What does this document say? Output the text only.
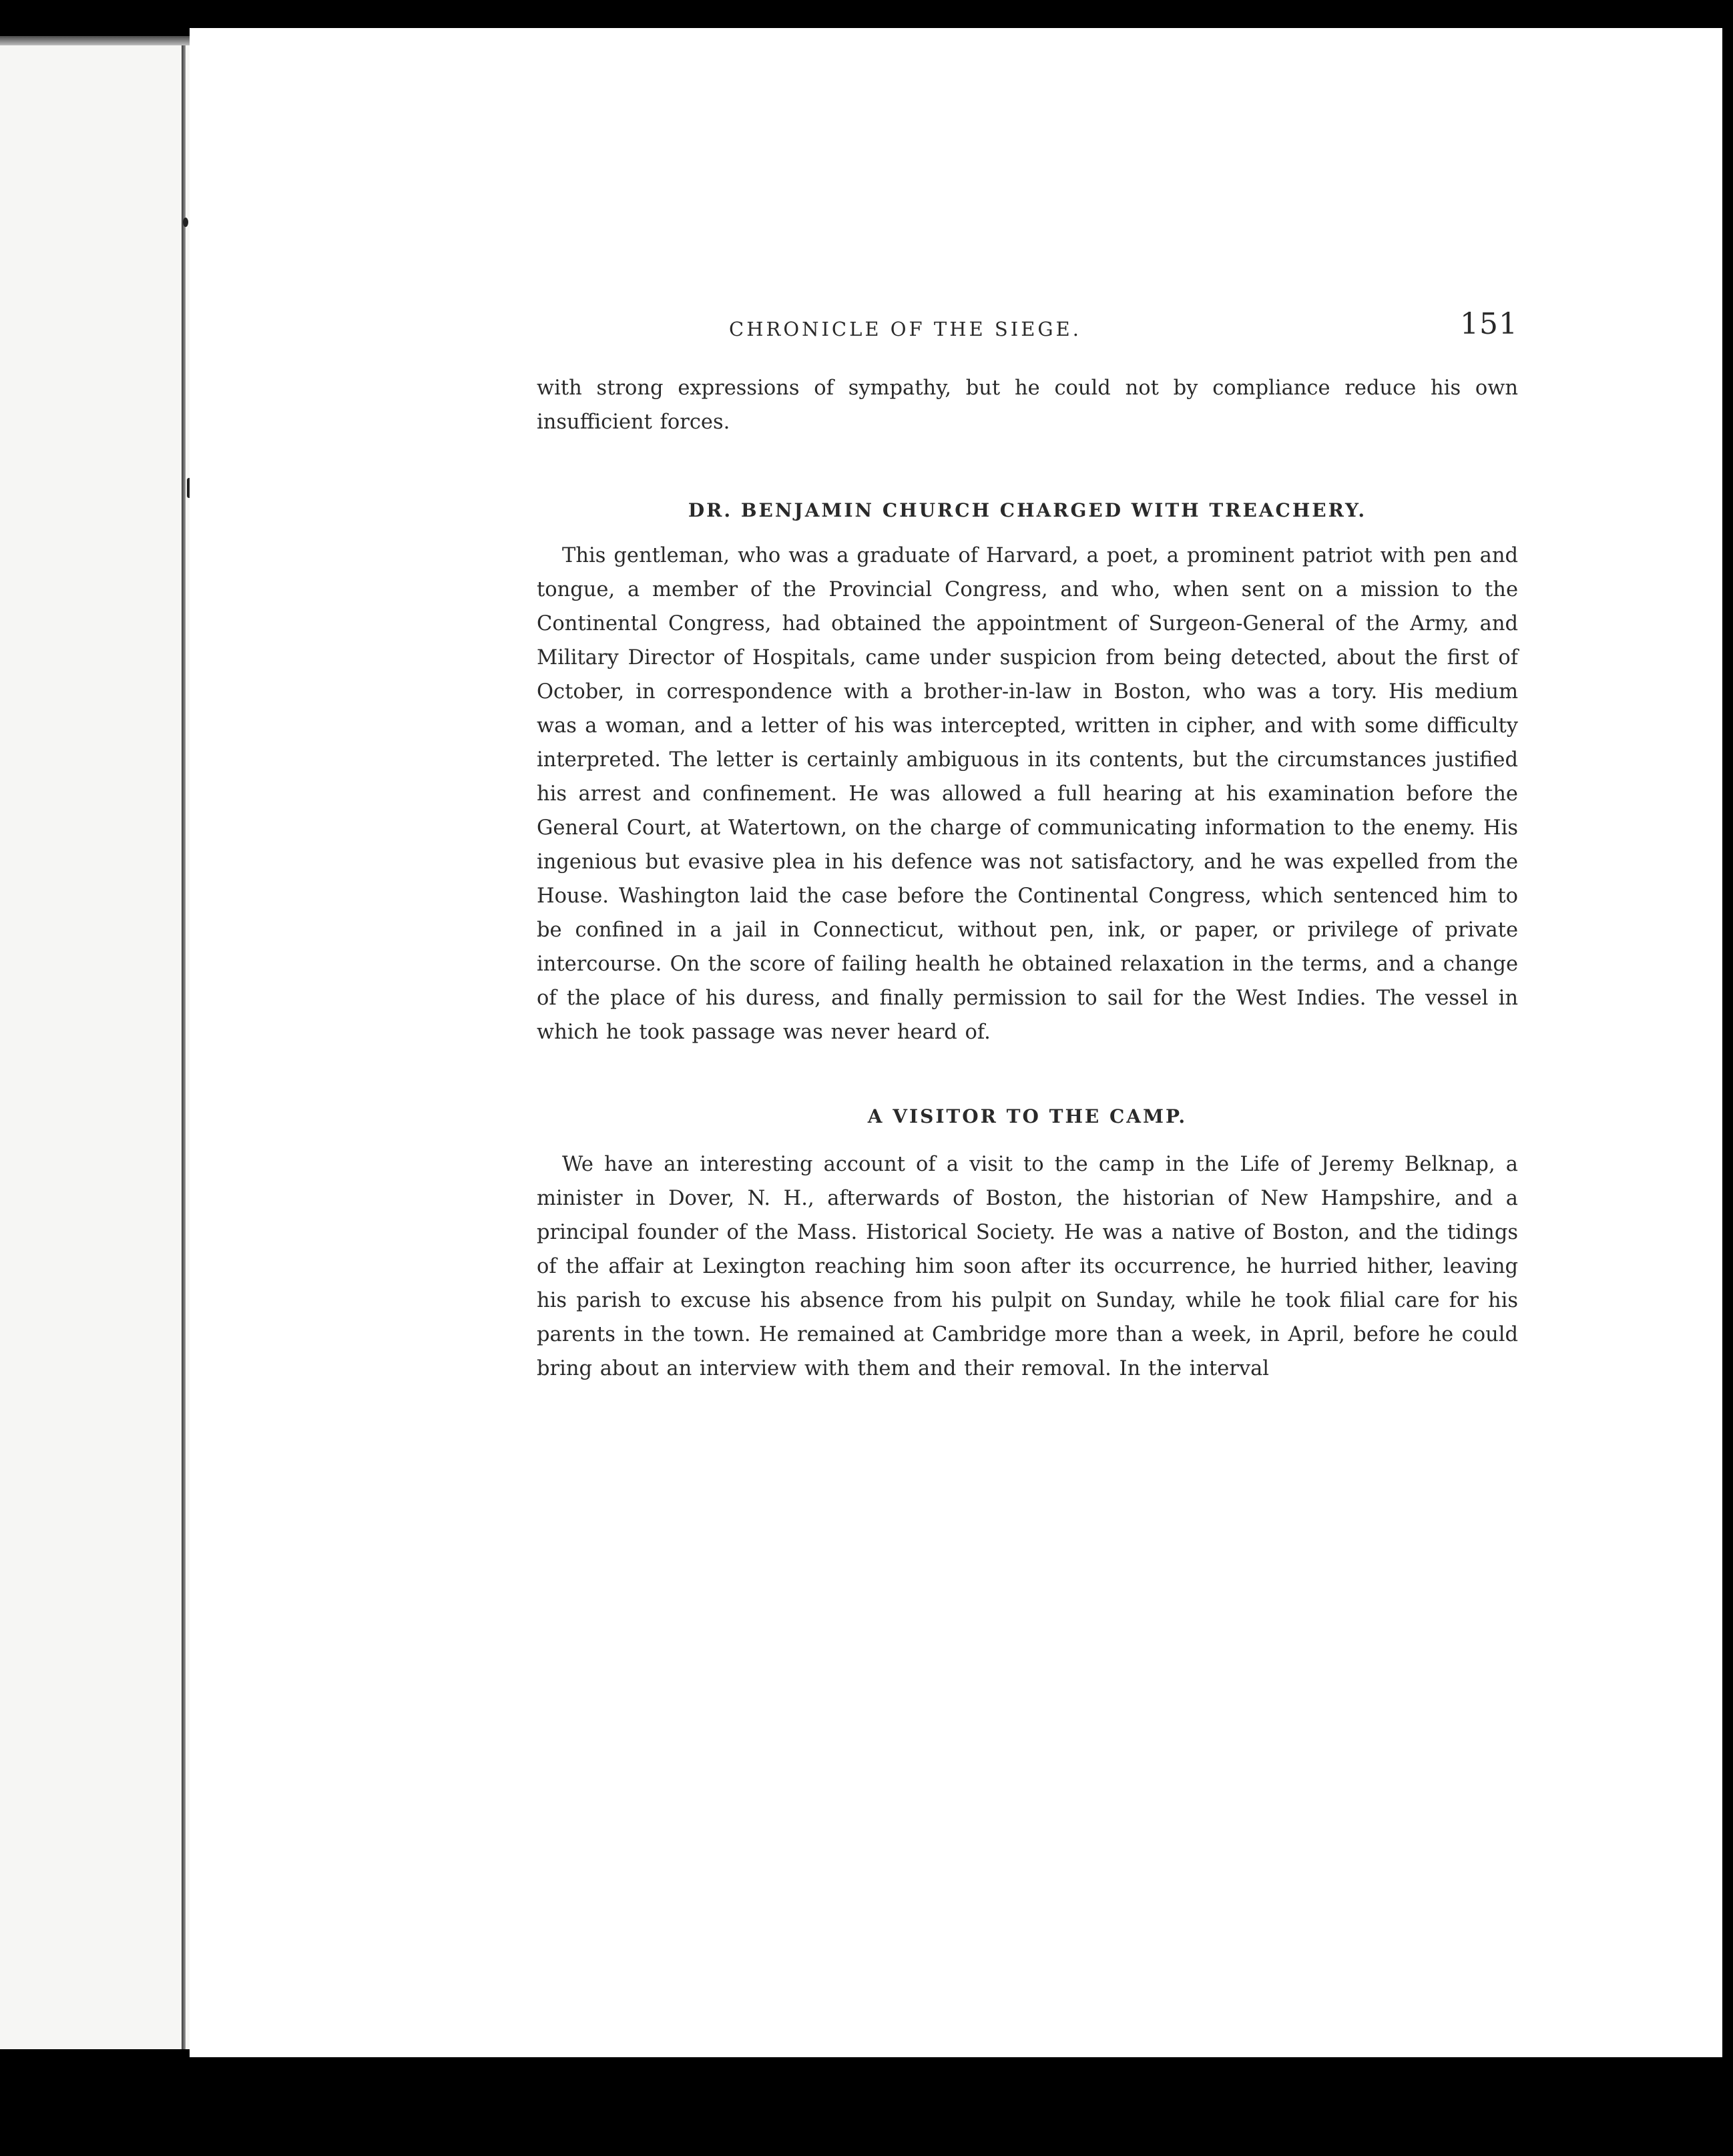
CHRONICLE OF THE SIEGE.	151

with strong expressions of sympathy, but he could not by compliance reduce his own insufficient forces.

DR. BENJAMIN CHURCH CHARGED WITH TREACHERY.

This gentleman, who was a graduate of Harvard, a poet, a prominent patriot with pen and tongue, a member of the Provincial Congress, and who, when sent on a mission to the Continental Congress, had obtained the appointment of Surgeon-General of the Army, and Military Director of Hospitals, came under suspicion from being detected, about the first of October, in correspondence with a brother-in-law in Boston, who was a tory. His medium was a woman, and a letter of his was intercepted, written in cipher, and with some difficulty interpreted. The letter is certainly ambiguous in its contents, but the circumstances justified his arrest and confinement. He was allowed a full hearing at his examination before the General Court, at Watertown, on the charge of communicating information to the enemy. His ingenious but evasive plea in his defence was not satisfactory, and he was expelled from the House. Washington laid the case before the Continental Congress, which sentenced him to be confined in a jail in Connecticut, without pen, ink, or paper, or privilege of private intercourse. On the score of failing health he obtained relaxation in the terms, and a change of the place of his duress, and finally permission to sail for the West Indies. The vessel in which he took passage was never heard of.

A VISITOR TO THE CAMP.

We have an interesting account of a visit to the camp in the Life of Jeremy Belknap, a minister in Dover, N. H., afterwards of Boston, the historian of New Hampshire, and a principal founder of the Mass. Historical Society. He was a native of Boston, and the tidings of the affair at Lexington reaching him soon after its occurrence, he hurried hither, leaving his parish to excuse his absence from his pulpit on Sunday, while he took filial care for his parents in the town. He remained at Cambridge more than a week, in April, before he could bring about an interview with them and their removal. In the interval
